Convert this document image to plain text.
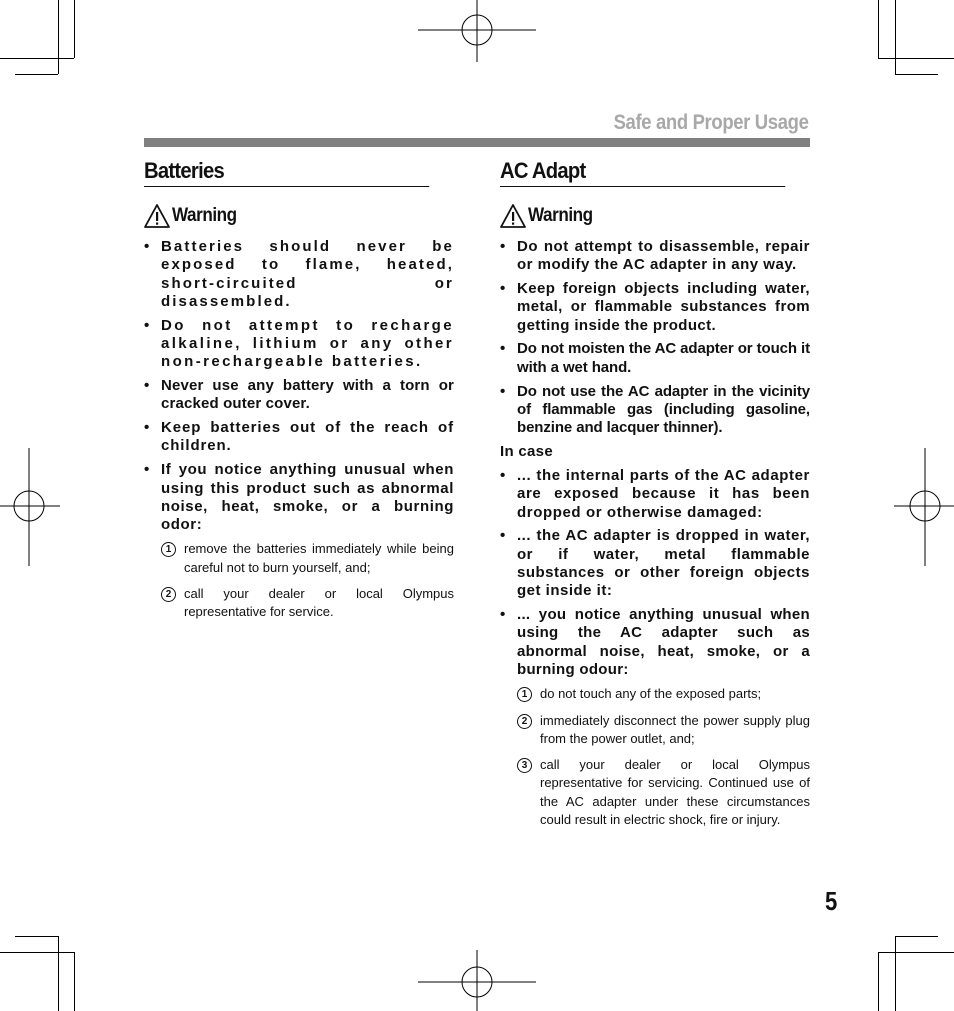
Safe and Proper Usage
Batteries
Warning
• Batteries should never be exposed to flame, heated, short-circuited or disassembled.
• Do not attempt to recharge alkaline, lithium or any other non-rechargeable batteries.
• Never use any battery with a torn or cracked outer cover.
• Keep batteries out of the reach of children.
• If you notice anything unusual when using this product such as abnormal noise, heat, smoke, or a burning odor:
1 remove the batteries immediately while being careful not to burn yourself, and;
2 call your dealer or local Olympus representative for service.
AC Adapt
Warning
• Do not attempt to disassemble, repair or modify the AC adapter in any way.
• Keep foreign objects including water, metal, or flammable substances from getting inside the product.
• Do not moisten the AC adapter or touch it with a wet hand.
• Do not use the AC adapter in the vicinity of flammable gas (including gasoline, benzine and lacquer thinner).
In case
• ... the internal parts of the AC adapter are exposed because it has been dropped or otherwise damaged:
• ... the AC adapter is dropped in water, or if water, metal flammable substances or other foreign objects get inside it:
• ... you notice anything unusual when using the AC adapter such as abnormal noise, heat, smoke, or a burning odour:
1 do not touch any of the exposed parts;
2 immediately disconnect the power supply plug from the power outlet, and;
3 call your dealer or local Olympus representative for servicing. Continued use of the AC adapter under these circumstances could result in electric shock, fire or injury.
5
